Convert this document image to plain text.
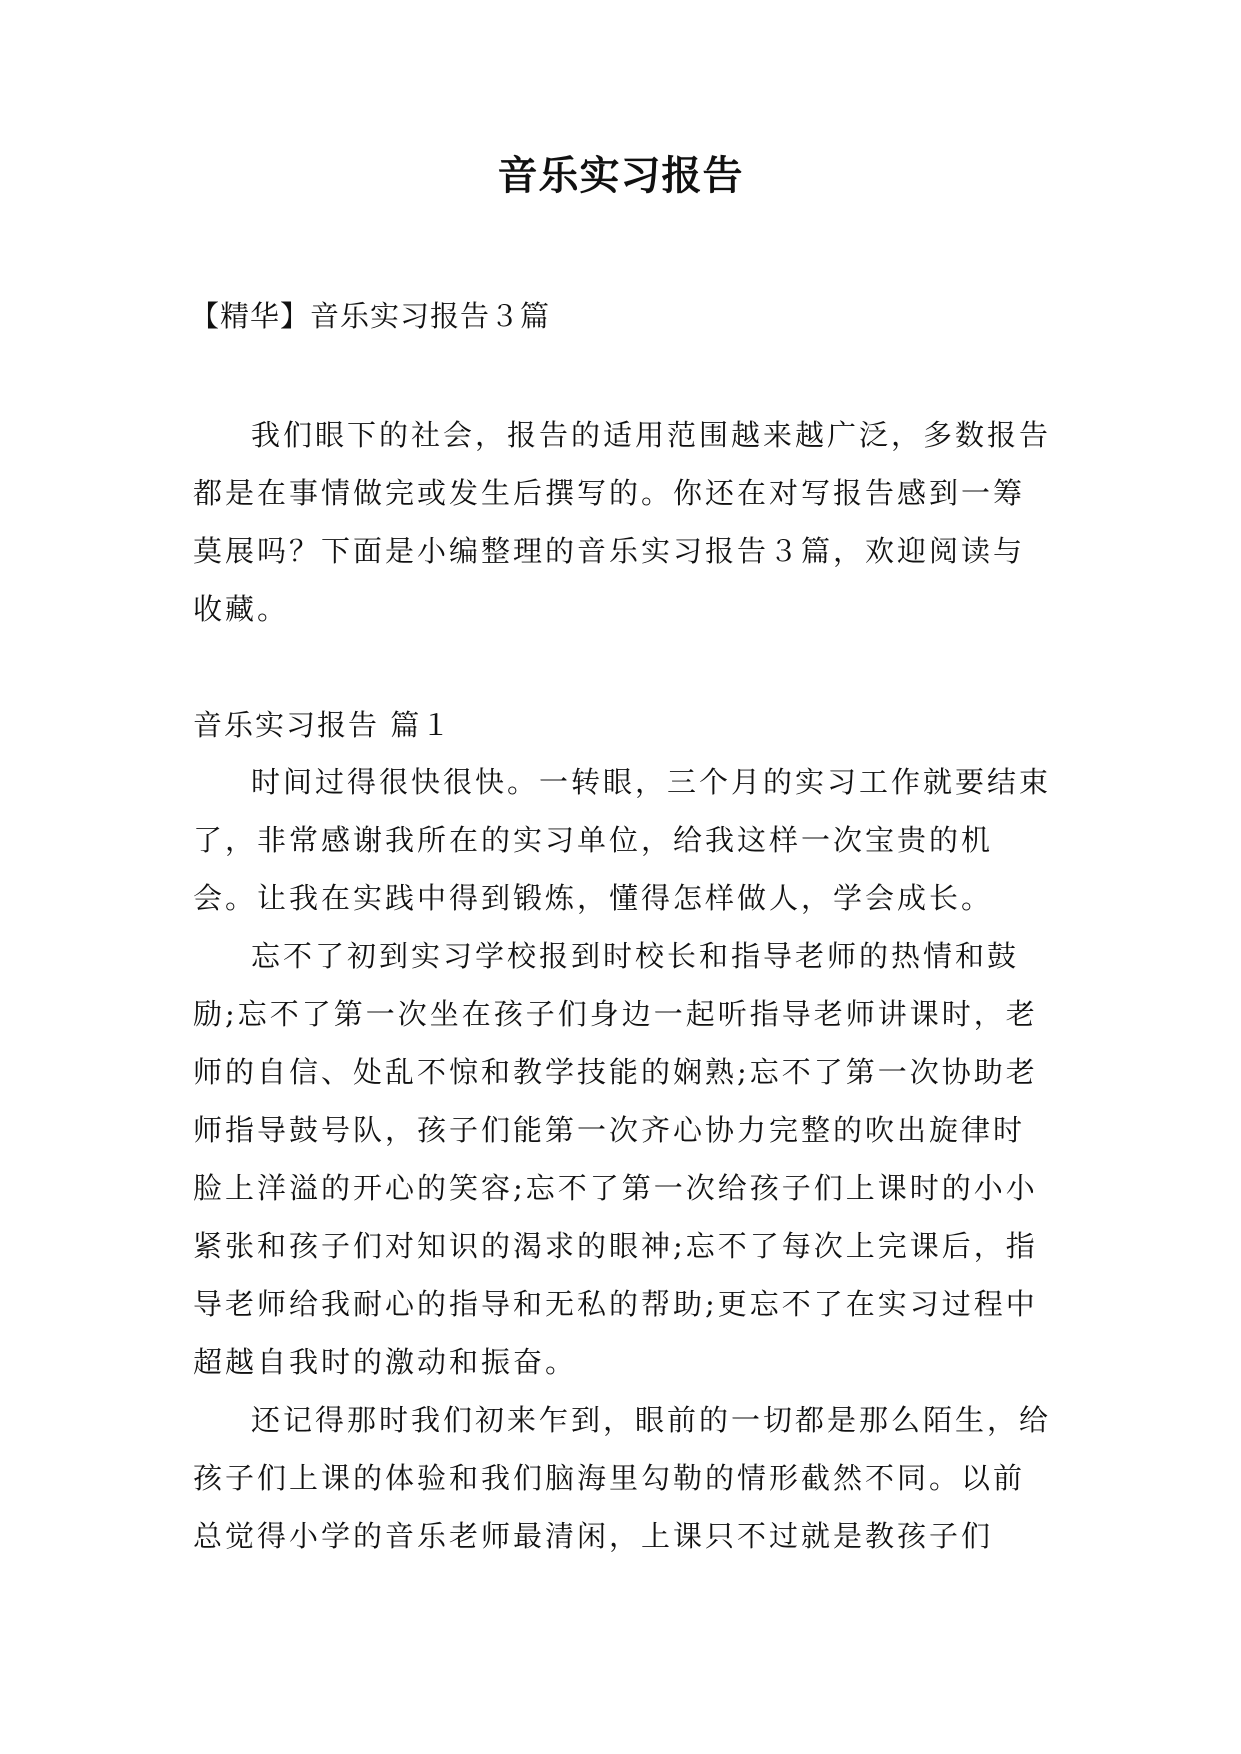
音乐实习报告
【精华】音乐实习报告３篇

我们眼下的社会，报告的适用范围越来越广泛，多数报告都是在事情做完或发生后撰写的。你还在对写报告感到一筹莫展吗？下面是小编整理的音乐实习报告３篇，欢迎阅读与收藏。

音乐实习报告 篇１

时间过得很快很快。一转眼，三个月的实习工作就要结束了，非常感谢我所在的实习单位，给我这样一次宝贵的机会。让我在实践中得到锻炼，懂得怎样做人，学会成长。

忘不了初到实习学校报到时校长和指导老师的热情和鼓励;忘不了第一次坐在孩子们身边一起听指导老师讲课时，老师的自信、处乱不惊和教学技能的娴熟;忘不了第一次协助老师指导鼓号队，孩子们能第一次齐心协力完整的吹出旋律时脸上洋溢的开心的笑容;忘不了第一次给孩子们上课时的小小紧张和孩子们对知识的渴求的眼神;忘不了每次上完课后，指导老师给我耐心的指导和无私的帮助;更忘不了在实习过程中超越自我时的激动和振奋。

还记得那时我们初来乍到，眼前的一切都是那么陌生，给孩子们上课的体验和我们脑海里勾勒的情形截然不同。以前总觉得小学的音乐老师最清闲，上课只不过就是教孩子们
